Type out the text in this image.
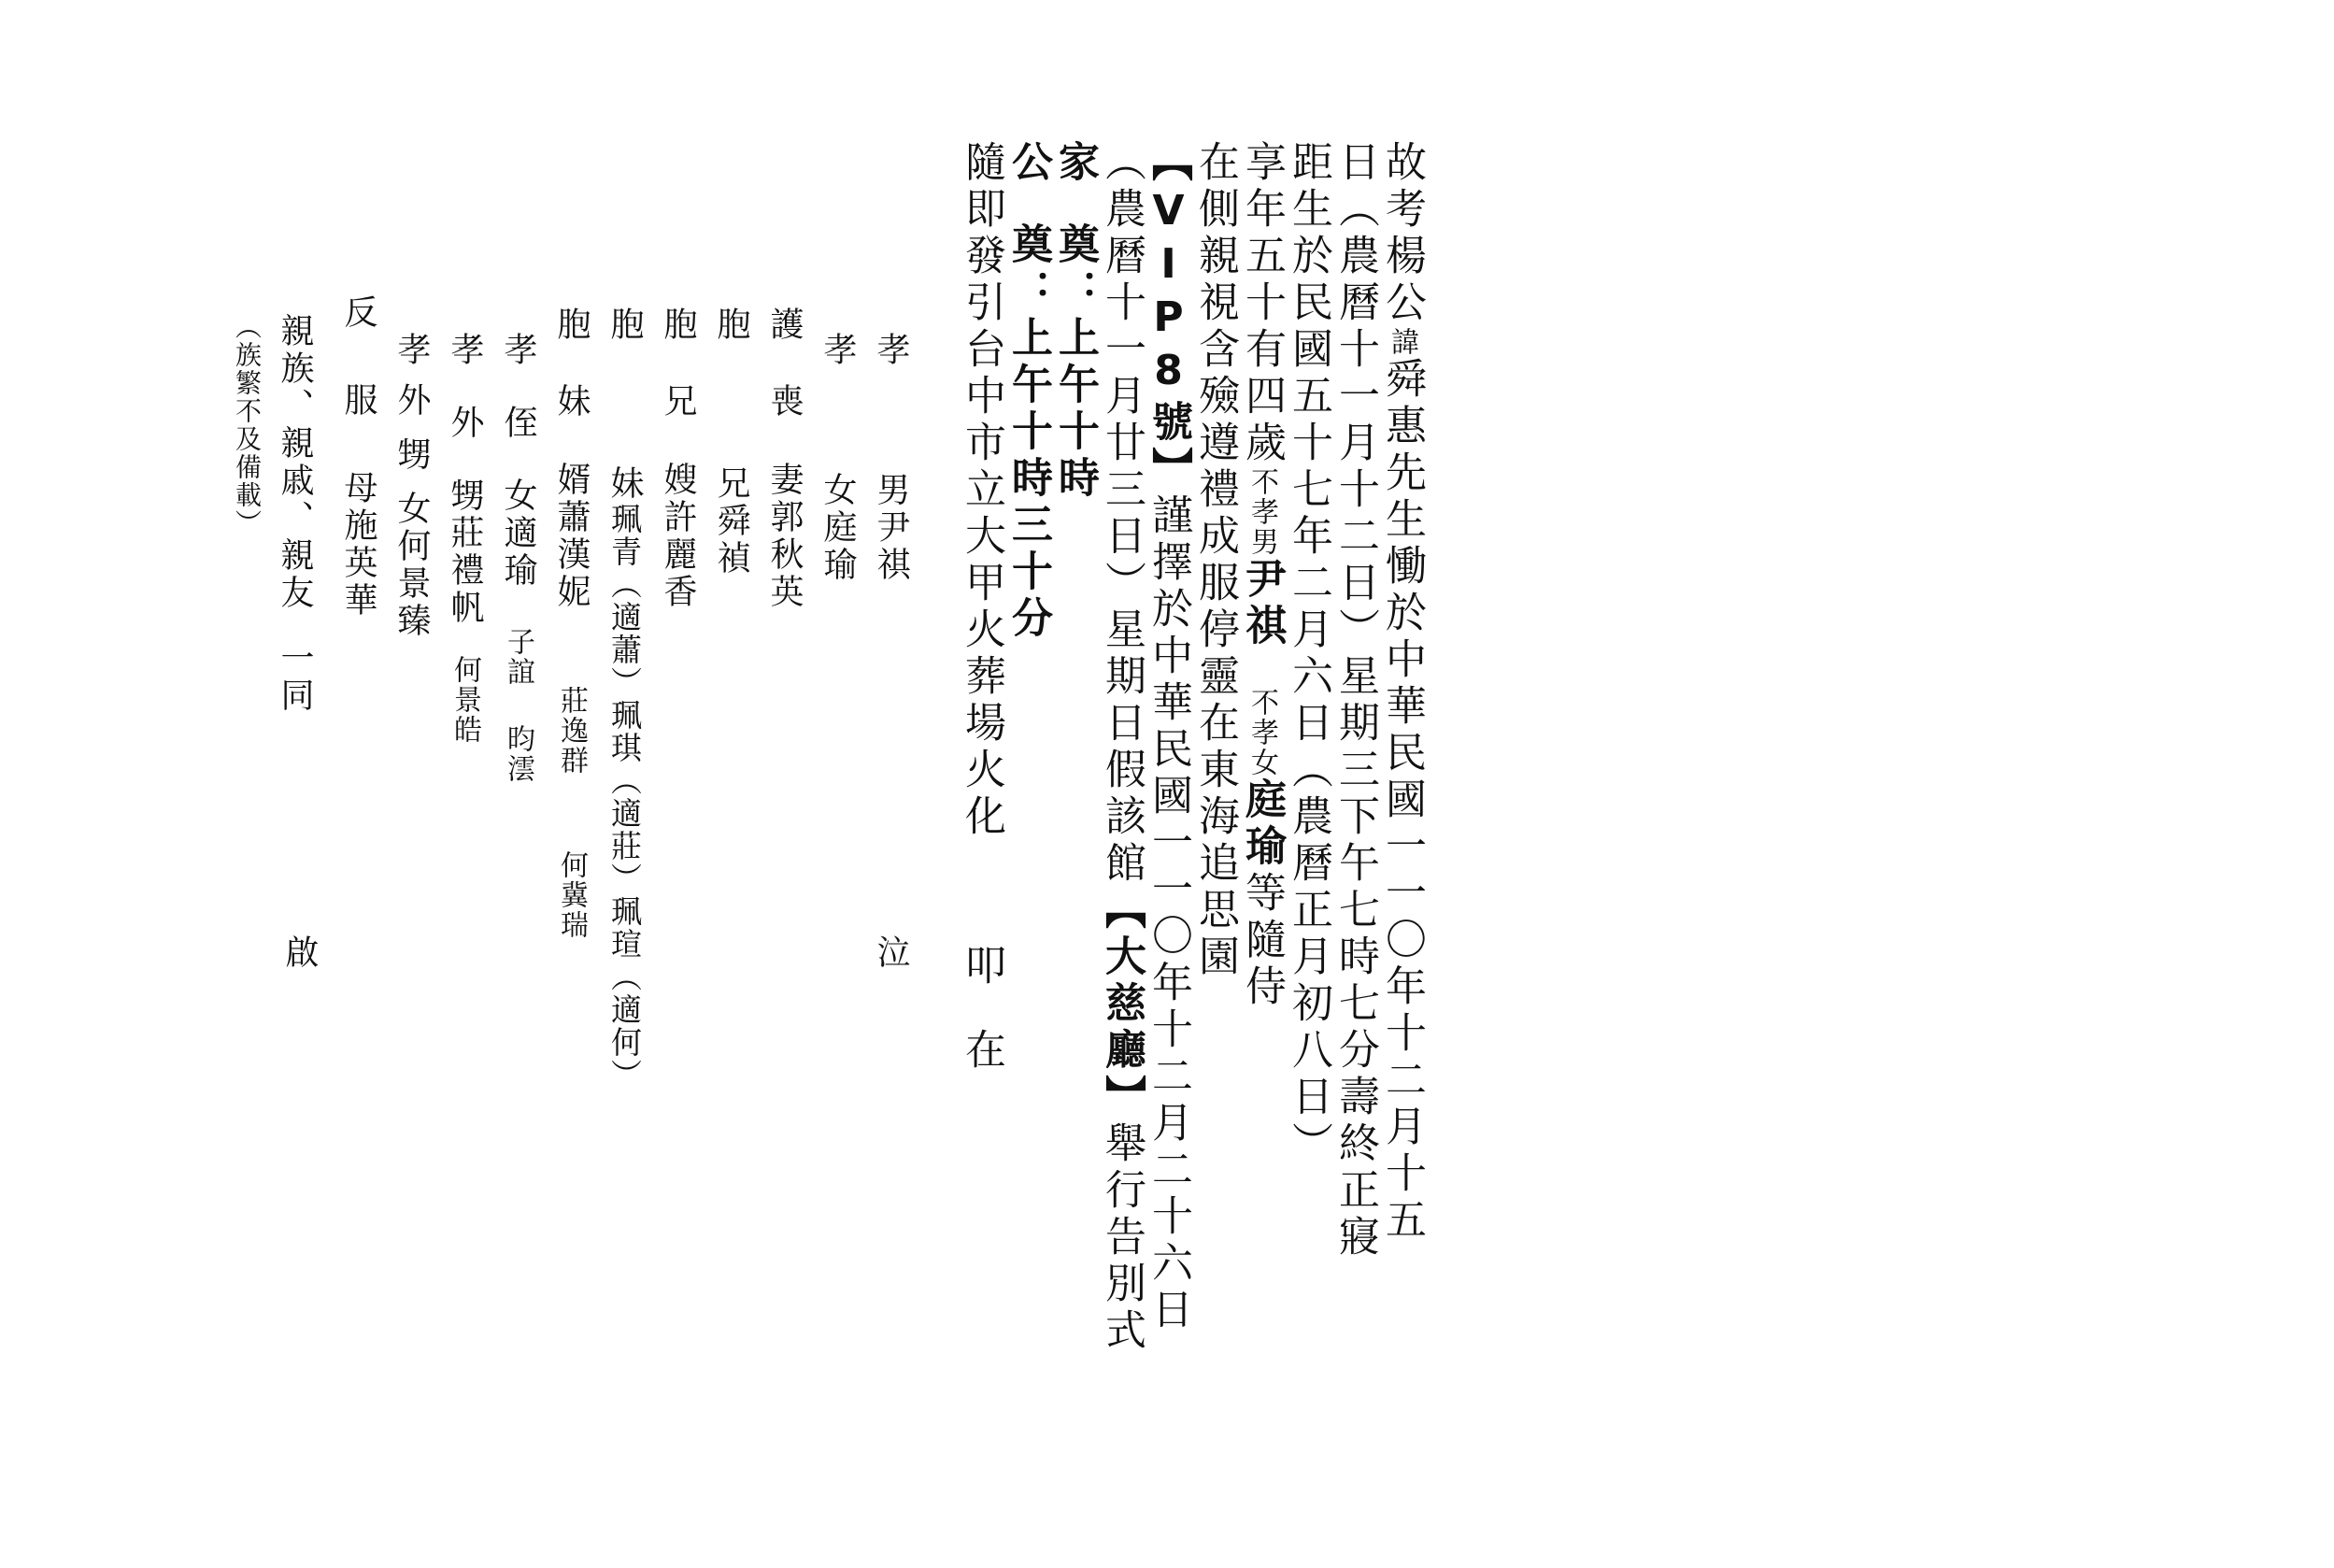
故考楊公諱舜惠先生慟於中華民國一一〇年十二月十五
日（農曆十一月十二日）星期三下午七時七分壽終正寢
距生於民國五十七年二月六日（農曆正月初八日）
享年五十有四歲不孝男尹祺不孝女庭瑜等隨侍
在側親視含殮遵禮成服停靈在東海追思園
【VIP8號】謹擇於中華民國一一〇年十二月二十六日
（農曆十一月廿三日）星期日假該館【大慈廳】舉行告別式
家奠：上午十時
公奠：上午十時三十分
隨即發引台中市立大甲火葬場火化叩在
孝男尹祺
泣
孝女庭瑜
護喪妻郭秋英
胞兄舜禎
胞兄嫂許麗香
胞妹珮青（適蕭）珮琪（適莊）珮瑄（適何）
胞妹婿蕭漢妮莊逸群何冀瑞
孝侄女適瑜子誼昀澐
孝外甥莊禮帆何景皓
孝外甥女何景臻
反服母施英華
親族、親戚、親友一同
啟
（族繁不及備載）
